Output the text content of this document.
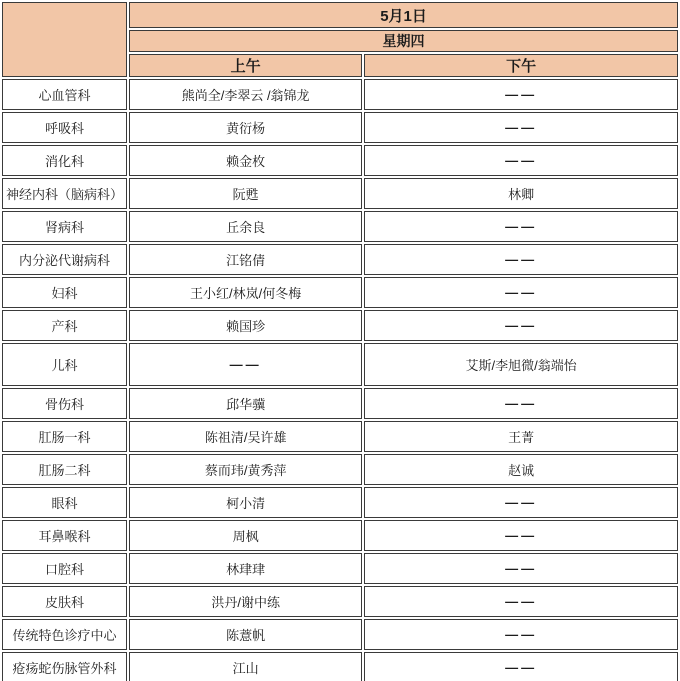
	5月1日	
	星期四	
	上午	下午
心血管科	熊尚全/李翠云 /翁锦龙	——
呼吸科	黄衍杨	——
消化科	赖金枚	——
神经内科（脑病科）	阮甦	林卿
肾病科	丘余良	——
内分泌代谢病科	江铭倩	——
妇科	王小红/林岚/何冬梅	——
产科	赖国珍	——
儿科	——	艾斯/李旭微/翁端怡
骨伤科	邱华骥	——
肛肠一科	陈祖清/吴许雄	王菁
肛肠二科	蔡而玮/黄秀萍	赵诚
眼科	柯小清	——
耳鼻喉科	周枫	——
口腔科	林珒珒	——
皮肤科	洪丹/谢中练	——
传统特色诊疗中心	陈薏帆	——
疮疡蛇伤脉管外科	江山	——
